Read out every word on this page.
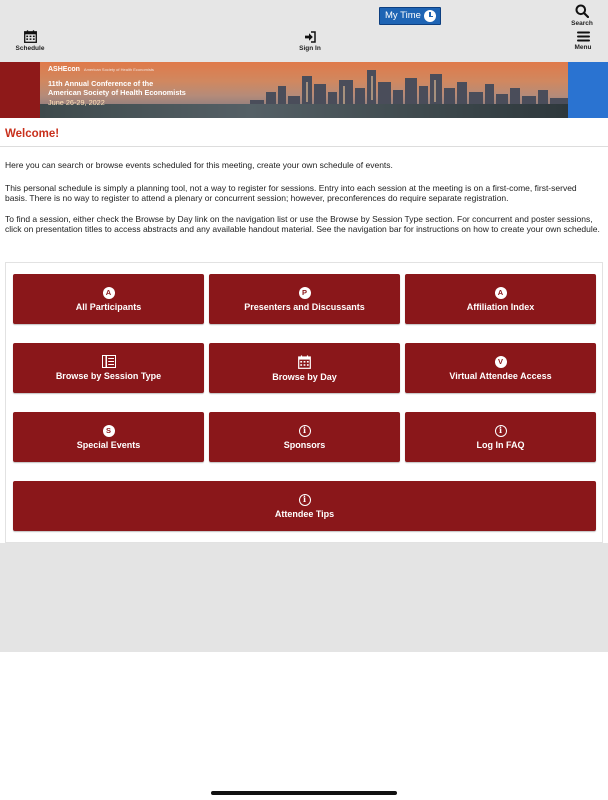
My Time
Search
Schedule	Sign In	Menu
ASHEcon American Society of Health Economists
11th Annual Conference of the
American Society of Health Economists
June 26-29, 2022
Welcome!

Here you can search or browse events scheduled for this meeting, create your own schedule of events.

This personal schedule is simply a planning tool, not a way to register for sessions. Entry into each session at the meeting is on a first-come, first-served basis. There is no way to register to attend a plenary or concurrent session; however, preconferences do require separate registration.

To find a session, either check the Browse by Day link on the navigation list or use the Browse by Session Type section. For concurrent and poster sessions, click on presentation titles to access abstracts and any available handout material. See the navigation bar for instructions on how to create your own schedule.

A
All Participants
P
Presenters and Discussants
A
Affiliation Index
Browse by Session Type	Browse by Day
V
Virtual Attendee Access
S
Special Events
i
Sponsors
i
Log In FAQ
i
Attendee Tips
